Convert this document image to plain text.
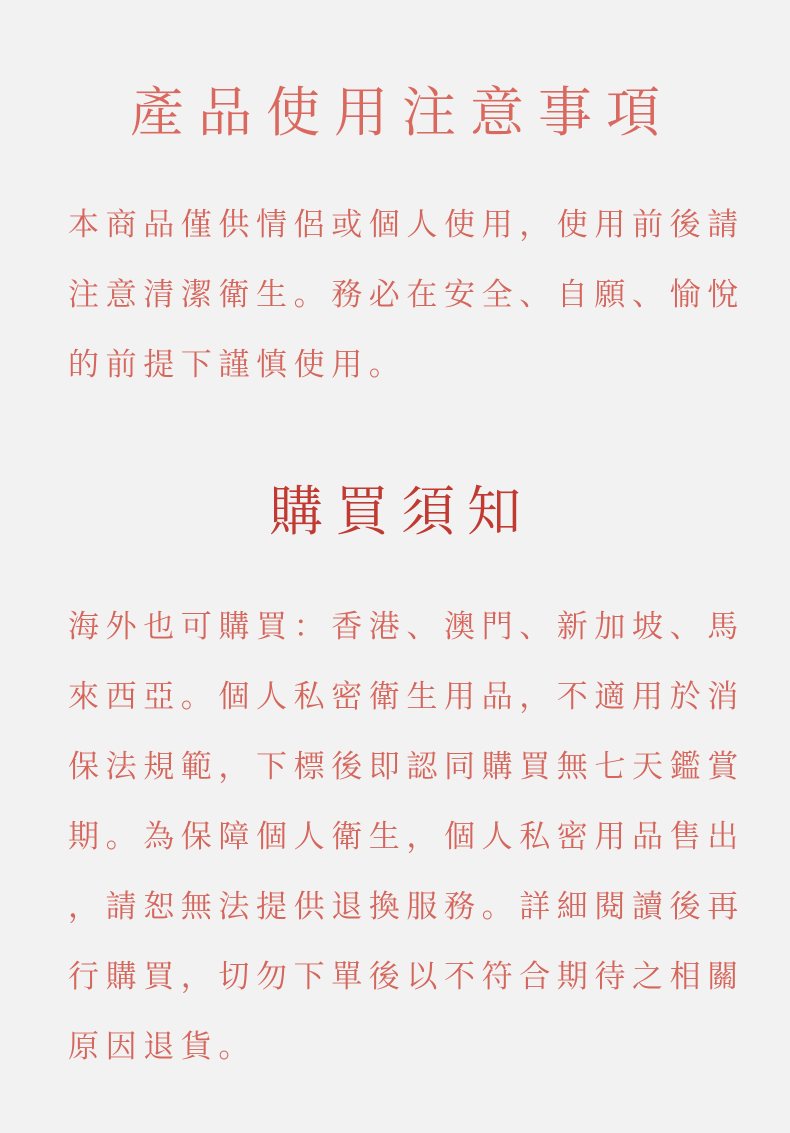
產品使用注意事項

本商品僅供情侶或個人使用，使用前後請
注意清潔衛生。務必在安全、自願、愉悅
的前提下謹慎使用。

購買須知

海外也可購買：香港、澳門、新加坡、馬
來西亞。個人私密衛生用品，不適用於消
保法規範，下標後即認同購買無七天鑑賞
期。為保障個人衛生，個人私密用品售出
，請恕無法提供退換服務。詳細閱讀後再
行購買，切勿下單後以不符合期待之相關
原因退貨。
